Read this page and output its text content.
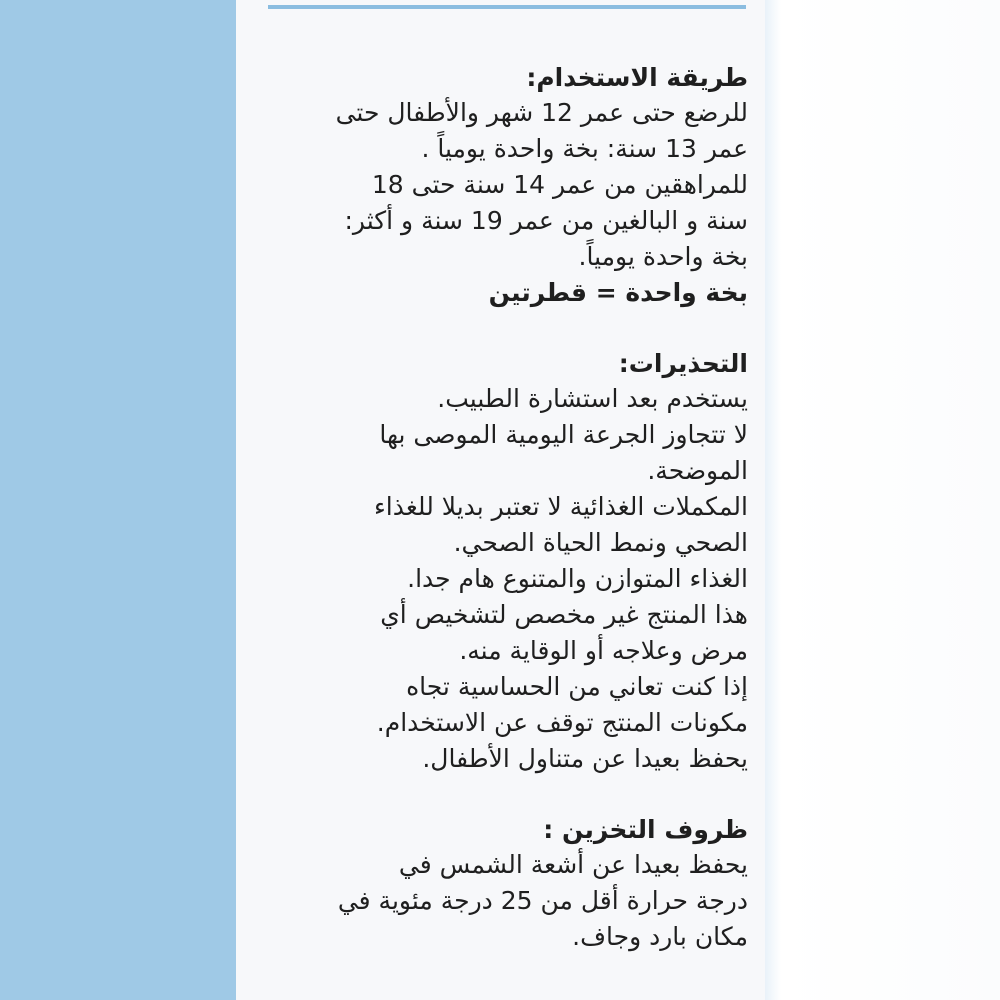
طريقة الاستخدام:

للرضع حتى عمر 12 شهر والأطفال حتى

عمر 13 سنة: بخة واحدة يومياً .

للمراهقين من عمر 14 سنة حتى 18

سنة و البالغين من عمر 19 سنة و أكثر:

بخة واحدة يومياً.

بخة واحدة = قطرتين

التحذيرات:

يستخدم بعد استشارة الطبيب.

لا تتجاوز الجرعة اليومية الموصى بها

الموضحة.

المكملات الغذائية لا تعتبر بديلا للغذاء

الصحي ونمط الحياة الصحي.

الغذاء المتوازن والمتنوع هام جدا.

هذا المنتج غير مخصص لتشخيص أي

مرض وعلاجه أو الوقاية منه.

إذا كنت تعاني من الحساسية تجاه

مكونات المنتج توقف عن الاستخدام.

يحفظ بعيدا عن متناول الأطفال.

ظروف التخزين :

يحفظ بعيدا عن أشعة الشمس في

درجة حرارة أقل من 25 درجة مئوية في

مكان بارد وجاف.
